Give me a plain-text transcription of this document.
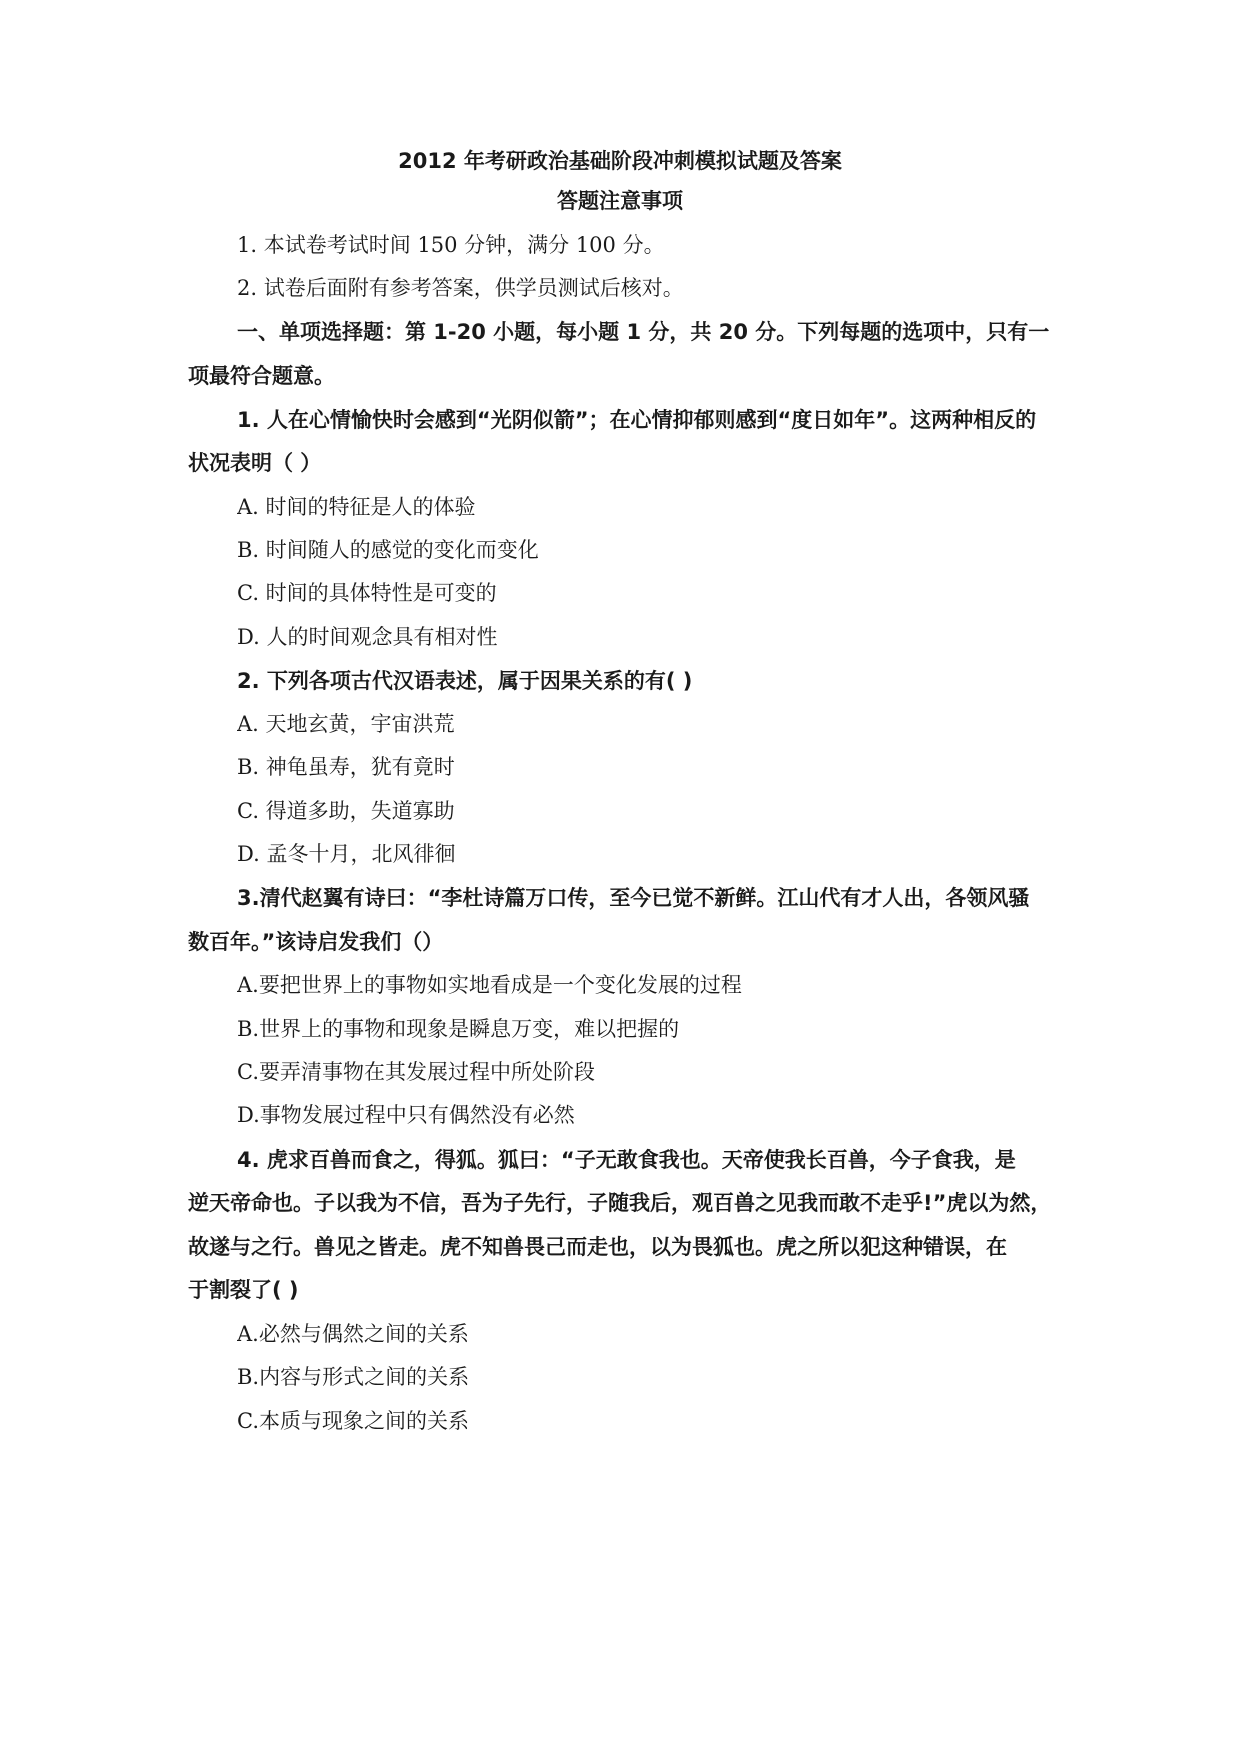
2012 年考研政治基础阶段冲刺模拟试题及答案
答题注意事项
1. 本试卷考试时间 150 分钟，满分 100 分。
2. 试卷后面附有参考答案，供学员测试后核对。
一、单项选择题：第 1-20 小题，每小题 1 分，共 20 分。下列每题的选项中，只有一
项最符合题意。
1. 人在心情愉快时会感到“光阴似箭”；在心情抑郁则感到“度日如年”。这两种相反的
状况表明（ ）
A. 时间的特征是人的体验
B. 时间随人的感觉的变化而变化
C. 时间的具体特性是可变的
D. 人的时间观念具有相对性
2. 下列各项古代汉语表述，属于因果关系的有( )
A. 天地玄黄，宇宙洪荒
B. 神龟虽寿，犹有竟时
C. 得道多助，失道寡助
D. 孟冬十月，北风徘徊
3.清代赵翼有诗曰：“李杜诗篇万口传，至今已觉不新鲜。江山代有才人出，各领风骚
数百年。”该诗启发我们（）
A.要把世界上的事物如实地看成是一个变化发展的过程
B.世界上的事物和现象是瞬息万变，难以把握的
C.要弄清事物在其发展过程中所处阶段
D.事物发展过程中只有偶然没有必然
4. 虎求百兽而食之，得狐。狐曰：“子无敢食我也。天帝使我长百兽，今子食我，是
逆天帝命也。子以我为不信，吾为子先行，子随我后，观百兽之见我而敢不走乎!”虎以为然，
故遂与之行。兽见之皆走。虎不知兽畏己而走也，以为畏狐也。虎之所以犯这种错误，在
于割裂了( )
A.必然与偶然之间的关系
B.内容与形式之间的关系
C.本质与现象之间的关系
